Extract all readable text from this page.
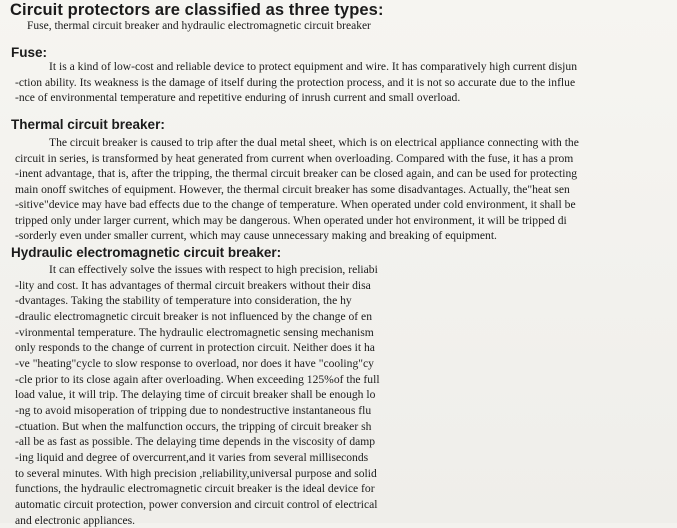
Circuit protectors are classified as three types:

Fuse, thermal circuit breaker and hydraulic electromagnetic circuit breaker

Fuse:
It is a kind of low-cost and reliable device to protect equipment and wire. It has comparatively high current disjun
-ction ability. Its weakness is the damage of itself during the protection process, and it is not so accurate due to the influe
-nce of environmental temperature and repetitive enduring of inrush current and small overload.
Thermal circuit breaker:
The circuit breaker is caused to trip after the dual metal sheet, which is on electrical appliance connecting with the
circuit in series, is transformed by heat generated from current when overloading. Compared with the fuse, it has a prom
-inent advantage, that is, after the tripping, the thermal circuit breaker can be closed again, and can be used for protecting
main onoff switches of equipment. However, the thermal circuit breaker has some disadvantages. Actually, the"heat sen
-sitive"device may have bad effects due to the change of temperature. When operated under cold environment, it shall be
tripped only under larger current, which may be dangerous. When operated under hot environment, it will be tripped di
-sorderly even under smaller current, which may cause unnecessary making and breaking of equipment.
Hydraulic electromagnetic circuit breaker:
It can effectively solve the issues with respect to high precision, reliabi
-lity and cost. It has advantages of thermal circuit breakers without their disa
-dvantages. Taking the stability of temperature into consideration, the hy
-draulic electromagnetic circuit breaker is not influenced by the change of en
-vironmental temperature. The hydraulic electromagnetic sensing mechanism
only responds to the change of current in protection circuit. Neither does it ha
-ve "heating"cycle to slow response to overload, nor does it have "cooling"cy
-cle prior to its close again after overloading. When exceeding 125%of the full
load value, it will trip. The delaying time of circuit breaker shall be enough lo
-ng to avoid misoperation of tripping due to nondestructive instantaneous flu
-ctuation. But when the malfunction occurs, the tripping of circuit breaker sh
-all be as fast as possible. The delaying time depends in the viscosity of damp
-ing liquid and degree of overcurrent,and it varies from several milliseconds
to several minutes. With high precision ,reliability,universal purpose and solid
functions, the hydraulic electromagnetic circuit breaker is the ideal device for
automatic circuit protection, power conversion and circuit control of electrical
and electronic appliances.
